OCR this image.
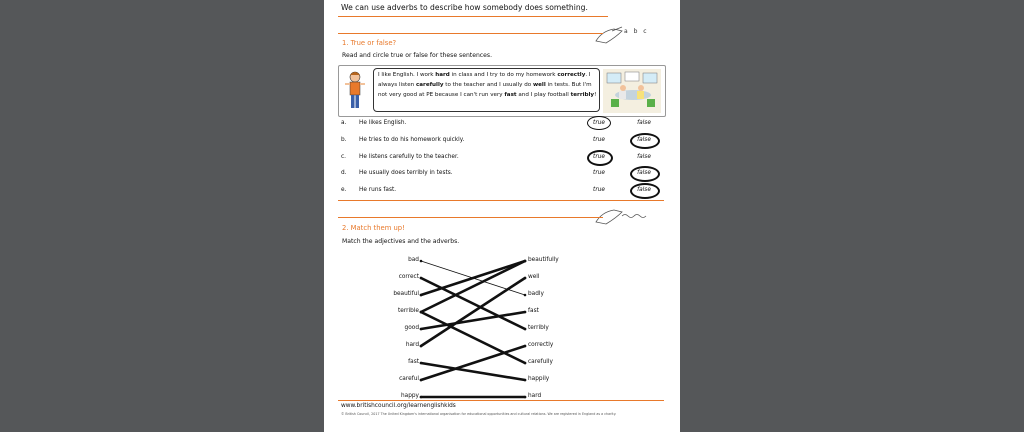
We can use adverbs to describe how somebody does something.
a b c
1. True or false?
Read and circle true or false for these sentences.
I like English. I work hard in class and I try to do my homework correctly. I always listen carefully to the teacher and I usually do well in tests. But I'm not very good at PE because I can't run very fast and I play football terribly!
a. He likes English.	true	false
b. He tries to do his homework quickly.	true	false
c. He listens carefully to the teacher.	true	false
d. He usually does terribly in tests.	true	false
e. He runs fast.	true	false
2. Match them up!
Match the adjectives and the adverbs.
bad
correct
beautiful
terrible
good
hard
fast
careful
happy
beautifully
well
badly
fast
terribly
correctly
carefully
happily
hard
www.britishcouncil.org/learnenglishkids
© British Council, 2017 The United Kingdom's international organisation for educational opportunities and cultural relations. We are registered in England as a charity.
